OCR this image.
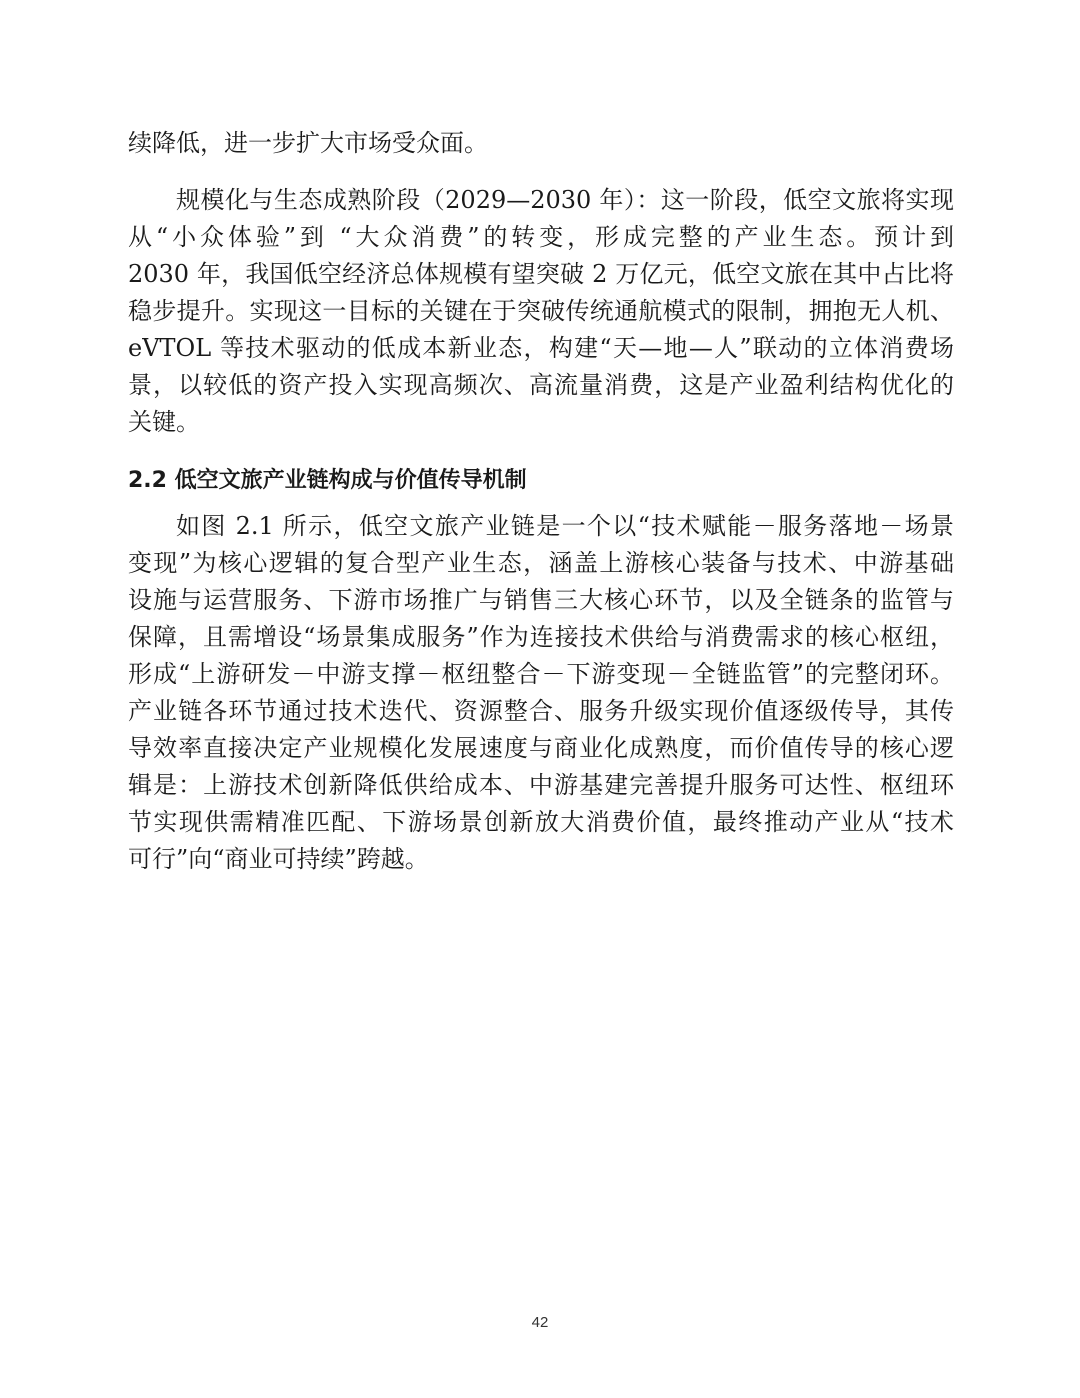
续降低，进一步扩大市场受众面。
规模化与生态成熟阶段（2029—2030 年）：这一阶段，低空文旅将实现
从“小众体验”到 “大众消费”的转变，形成完整的产业生态。预计到
2030 年，我国低空经济总体规模有望突破 2 万亿元，低空文旅在其中占比将
稳步提升。实现这一目标的关键在于突破传统通航模式的限制，拥抱无人机、
eVTOL 等技术驱动的低成本新业态，构建“天—地—人”联动的立体消费场
景，以较低的资产投入实现高频次、高流量消费，这是产业盈利结构优化的
关键。
2.2 低空文旅产业链构成与价值传导机制
如图 2.1 所示，低空文旅产业链是一个以“技术赋能－服务落地－场景
变现”为核心逻辑的复合型产业生态，涵盖上游核心装备与技术、中游基础
设施与运营服务、下游市场推广与销售三大核心环节，以及全链条的监管与
保障，且需增设“场景集成服务”作为连接技术供给与消费需求的核心枢纽，
形成“上游研发－中游支撑－枢纽整合－下游变现－全链监管”的完整闭环。
产业链各环节通过技术迭代、资源整合、服务升级实现价值逐级传导，其传
导效率直接决定产业规模化发展速度与商业化成熟度，而价值传导的核心逻
辑是：上游技术创新降低供给成本、中游基建完善提升服务可达性、枢纽环
节实现供需精准匹配、下游场景创新放大消费价值，最终推动产业从“技术
可行”向“商业可持续”跨越。
42
